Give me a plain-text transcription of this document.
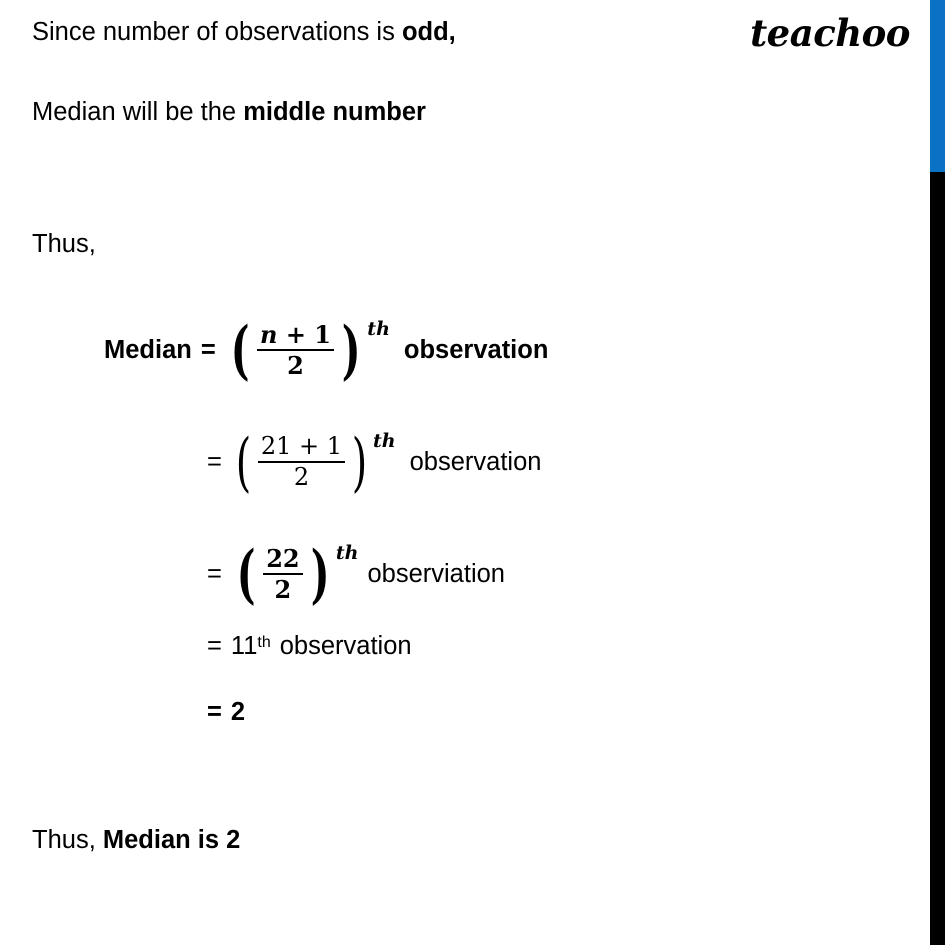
teachoo
Since number of observations is odd,
Median will be the middle number
Thus,
Median = ( $\frac{n + 1}{2}$ ) th
observation
= ( $\frac{21 + 1}{2}$ ) th
observation
= ( $\frac{22}{2}$ ) th
observiation
= 11 th observation
= 2
Thus, Median is 2
